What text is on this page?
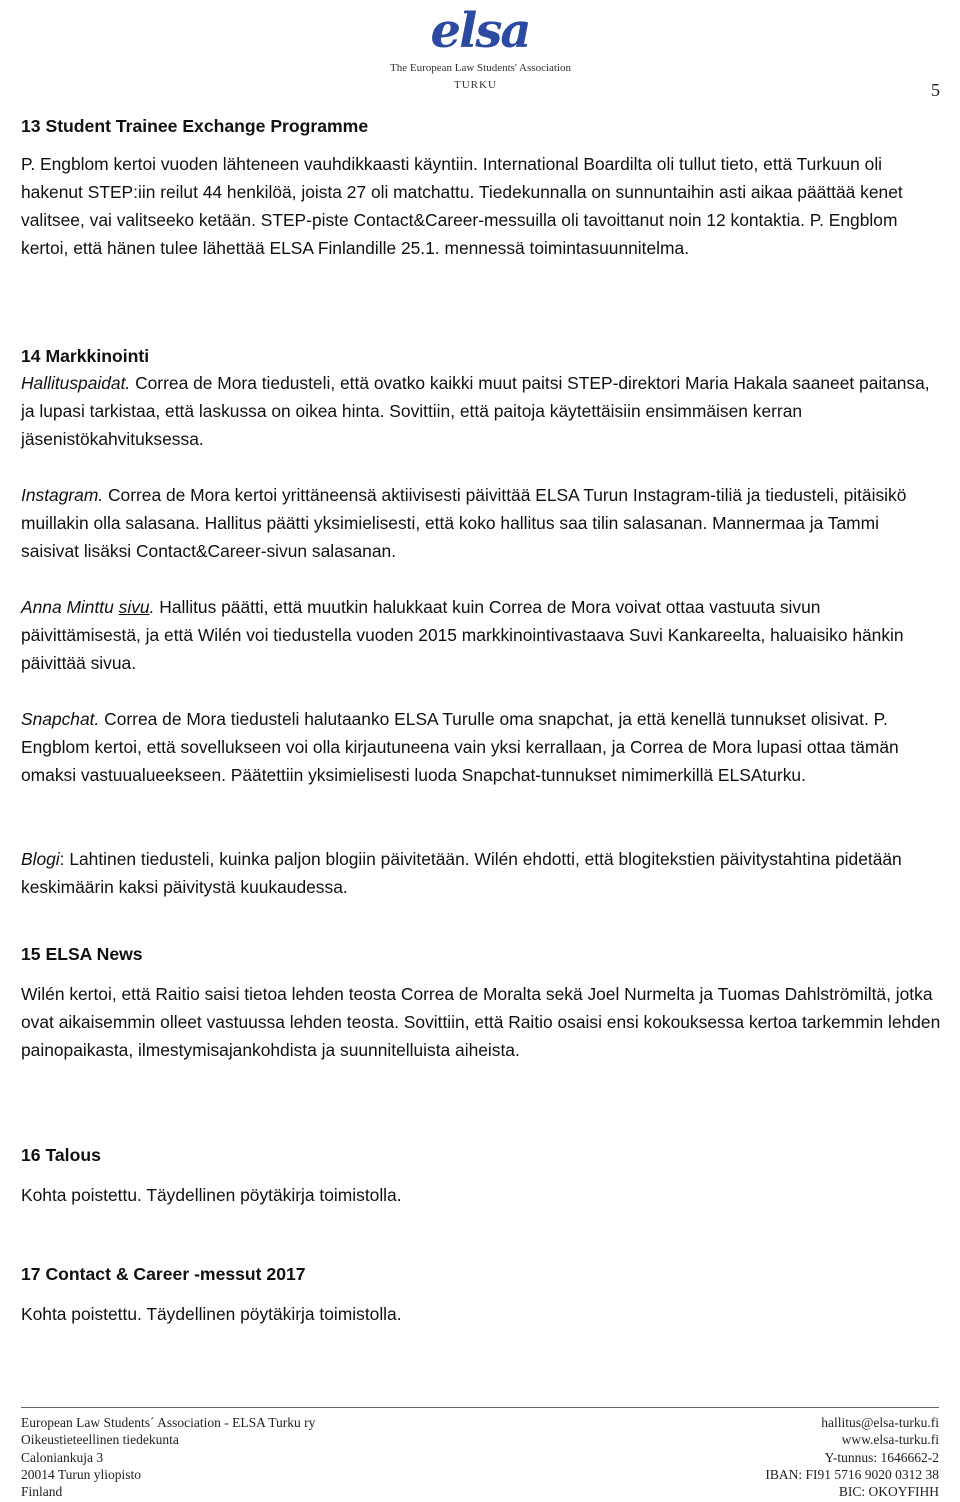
elsa
The European Law Students' Association
TURKU	5
13 Student Trainee Exchange Programme

P. Engblom kertoi vuoden lähteneen vauhdikkaasti käyntiin. International Boardilta oli tullut tieto, että Turkuun oli hakenut STEP:iin reilut 44 henkilöä, joista 27 oli matchattu. Tiedekunnalla on sunnuntaihin asti aikaa päättää kenet valitsee, vai valitseeko ketään. STEP-piste Contact&Career-messuilla oli tavoittanut noin 12 kontaktia. P. Engblom kertoi, että hänen tulee lähettää ELSA Finlandille 25.1. mennessä toimintasuunnitelma.

14 Markkinointi

Hallituspaidat. Correa de Mora tiedusteli, että ovatko kaikki muut paitsi STEP-direktori Maria Hakala saaneet paitansa, ja lupasi tarkistaa, että laskussa on oikea hinta. Sovittiin, että paitoja käytettäisiin ensimmäisen kerran jäsenistökahvituksessa.

Instagram. Correa de Mora kertoi yrittäneensä aktiivisesti päivittää ELSA Turun Instagram-tiliä ja tiedusteli, pitäisikö muillakin olla salasana. Hallitus päätti yksimielisesti, että koko hallitus saa tilin salasanan. Mannermaa ja Tammi saisivat lisäksi Contact&Career-sivun salasanan.

Anna Minttu sivu. Hallitus päätti, että muutkin halukkaat kuin Correa de Mora voivat ottaa vastuuta sivun päivittämisestä, ja että Wilén voi tiedustella vuoden 2015 markkinointivastaava Suvi Kankareelta, haluaisiko hänkin päivittää sivua.

Snapchat. Correa de Mora tiedusteli halutaanko ELSA Turulle oma snapchat, ja että kenellä tunnukset olisivat. P. Engblom kertoi, että sovellukseen voi olla kirjautuneena vain yksi kerrallaan, ja Correa de Mora lupasi ottaa tämän omaksi vastuualueekseen. Päätettiin yksimielisesti luoda Snapchat-tunnukset nimimerkillä ELSAturku.

Blogi: Lahtinen tiedusteli, kuinka paljon blogiin päivitetään. Wilén ehdotti, että blogitekstien päivitystahtina pidetään keskimäärin kaksi päivitystä kuukaudessa.

15 ELSA News

Wilén kertoi, että Raitio saisi tietoa lehden teosta Correa de Moralta sekä Joel Nurmelta ja Tuomas Dahlströmiltä, jotka ovat aikaisemmin olleet vastuussa lehden teosta. Sovittiin, että Raitio osaisi ensi kokouksessa kertoa tarkemmin lehden painopaikasta, ilmestymisajankohdista ja suunnitelluista aiheista.

16 Talous

Kohta poistettu. Täydellinen pöytäkirja toimistolla.

17 Contact & Career -messut 2017

Kohta poistettu. Täydellinen pöytäkirja toimistolla.

European Law Students´ Association - ELSA Turku ry
Oikeustieteellinen tiedekunta
Caloniankuja 3
20014 Turun yliopisto
Finland
hallitus@elsa-turku.fi
www.elsa-turku.fi
Y-tunnus: 1646662-2
IBAN: FI91 5716 9020 0312 38
BIC: OKOYFIHH
